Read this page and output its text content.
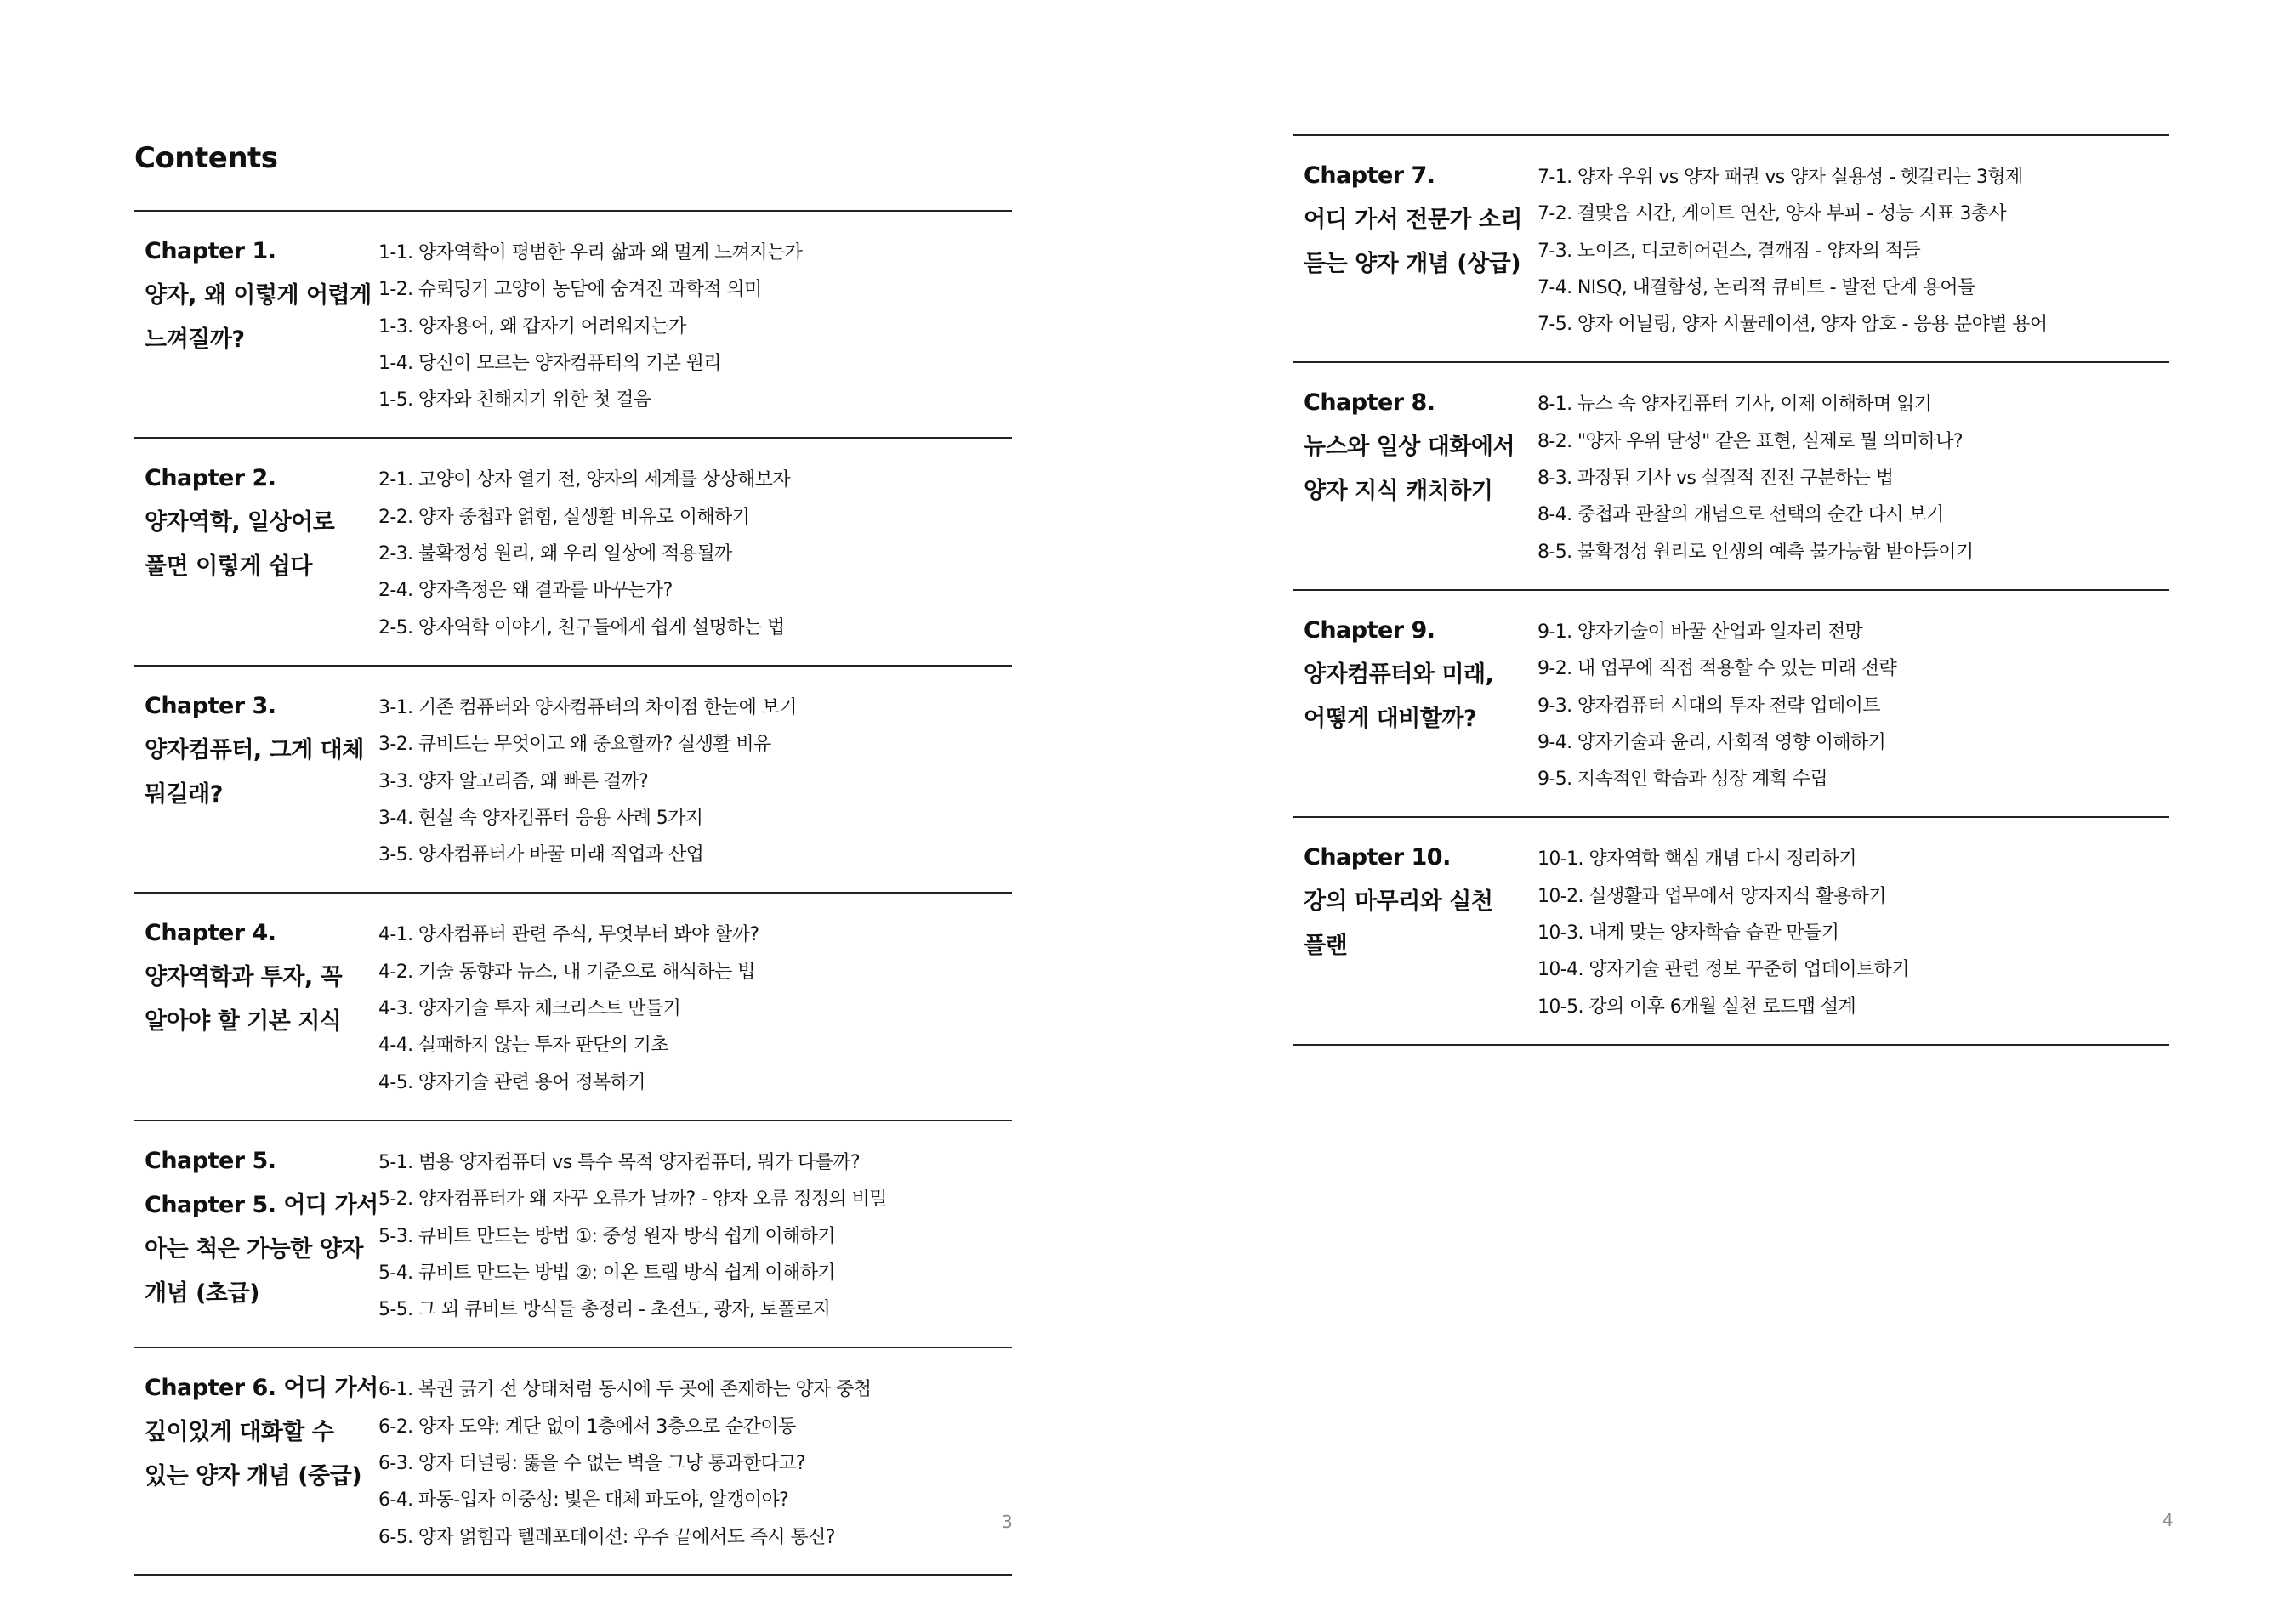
Contents
Chapter 1.
양자, 왜 이렇게 어렵게
느껴질까?
1-1. 양자역학이 평범한 우리 삶과 왜 멀게 느껴지는가
1-2. 슈뢰딩거 고양이 농담에 숨겨진 과학적 의미
1-3. 양자용어, 왜 갑자기 어려워지는가
1-4. 당신이 모르는 양자컴퓨터의 기본 원리
1-5. 양자와 친해지기 위한 첫 걸음
Chapter 2.
양자역학, 일상어로
풀면 이렇게 쉽다
2-1. 고양이 상자 열기 전, 양자의 세계를 상상해보자
2-2. 양자 중첩과 얽힘, 실생활 비유로 이해하기
2-3. 불확정성 원리, 왜 우리 일상에 적용될까
2-4. 양자측정은 왜 결과를 바꾸는가?
2-5. 양자역학 이야기, 친구들에게 쉽게 설명하는 법
Chapter 3.
양자컴퓨터, 그게 대체
뭐길래?
3-1. 기존 컴퓨터와 양자컴퓨터의 차이점 한눈에 보기
3-2. 큐비트는 무엇이고 왜 중요할까? 실생활 비유
3-3. 양자 알고리즘, 왜 빠른 걸까?
3-4. 현실 속 양자컴퓨터 응용 사례 5가지
3-5. 양자컴퓨터가 바꿀 미래 직업과 산업
Chapter 4.
양자역학과 투자, 꼭
알아야 할 기본 지식
4-1. 양자컴퓨터 관련 주식, 무엇부터 봐야 할까?
4-2. 기술 동향과 뉴스, 내 기준으로 해석하는 법
4-3. 양자기술 투자 체크리스트 만들기
4-4. 실패하지 않는 투자 판단의 기초
4-5. 양자기술 관련 용어 정복하기
Chapter 5.
Chapter 5. 어디 가서
아는 척은 가능한 양자
개념 (초급)
5-1. 범용 양자컴퓨터 vs 특수 목적 양자컴퓨터, 뭐가 다를까?
5-2. 양자컴퓨터가 왜 자꾸 오류가 날까? - 양자 오류 정정의 비밀
5-3. 큐비트 만드는 방법 ①: 중성 원자 방식 쉽게 이해하기
5-4. 큐비트 만드는 방법 ②: 이온 트랩 방식 쉽게 이해하기
5-5. 그 외 큐비트 방식들 총정리 - 초전도, 광자, 토폴로지
Chapter 6. 어디 가서
깊이있게 대화할 수
있는 양자 개념 (중급)
6-1. 복권 긁기 전 상태처럼 동시에 두 곳에 존재하는 양자 중첩
6-2. 양자 도약: 계단 없이 1층에서 3층으로 순간이동
6-3. 양자 터널링: 뚫을 수 없는 벽을 그냥 통과한다고?
6-4. 파동-입자 이중성: 빛은 대체 파도야, 알갱이야?
6-5. 양자 얽힘과 텔레포테이션: 우주 끝에서도 즉시 통신?
3
Chapter 7.
어디 가서 전문가 소리
듣는 양자 개념 (상급)
7-1. 양자 우위 vs 양자 패권 vs 양자 실용성 - 헷갈리는 3형제
7-2. 결맞음 시간, 게이트 연산, 양자 부피 - 성능 지표 3총사
7-3. 노이즈, 디코히어런스, 결깨짐 - 양자의 적들
7-4. NISQ, 내결함성, 논리적 큐비트 - 발전 단계 용어들
7-5. 양자 어닐링, 양자 시뮬레이션, 양자 암호 - 응용 분야별 용어
Chapter 8.
뉴스와 일상 대화에서
양자 지식 캐치하기
8-1. 뉴스 속 양자컴퓨터 기사, 이제 이해하며 읽기
8-2. "양자 우위 달성" 같은 표현, 실제로 뭘 의미하나?
8-3. 과장된 기사 vs 실질적 진전 구분하는 법
8-4. 중첩과 관찰의 개념으로 선택의 순간 다시 보기
8-5. 불확정성 원리로 인생의 예측 불가능함 받아들이기
Chapter 9.
양자컴퓨터와 미래,
어떻게 대비할까?
9-1. 양자기술이 바꿀 산업과 일자리 전망
9-2. 내 업무에 직접 적용할 수 있는 미래 전략
9-3. 양자컴퓨터 시대의 투자 전략 업데이트
9-4. 양자기술과 윤리, 사회적 영향 이해하기
9-5. 지속적인 학습과 성장 계획 수립
Chapter 10.
강의 마무리와 실천
플랜
10-1. 양자역학 핵심 개념 다시 정리하기
10-2. 실생활과 업무에서 양자지식 활용하기
10-3. 내게 맞는 양자학습 습관 만들기
10-4. 양자기술 관련 정보 꾸준히 업데이트하기
10-5. 강의 이후 6개월 실천 로드맵 설계
4
